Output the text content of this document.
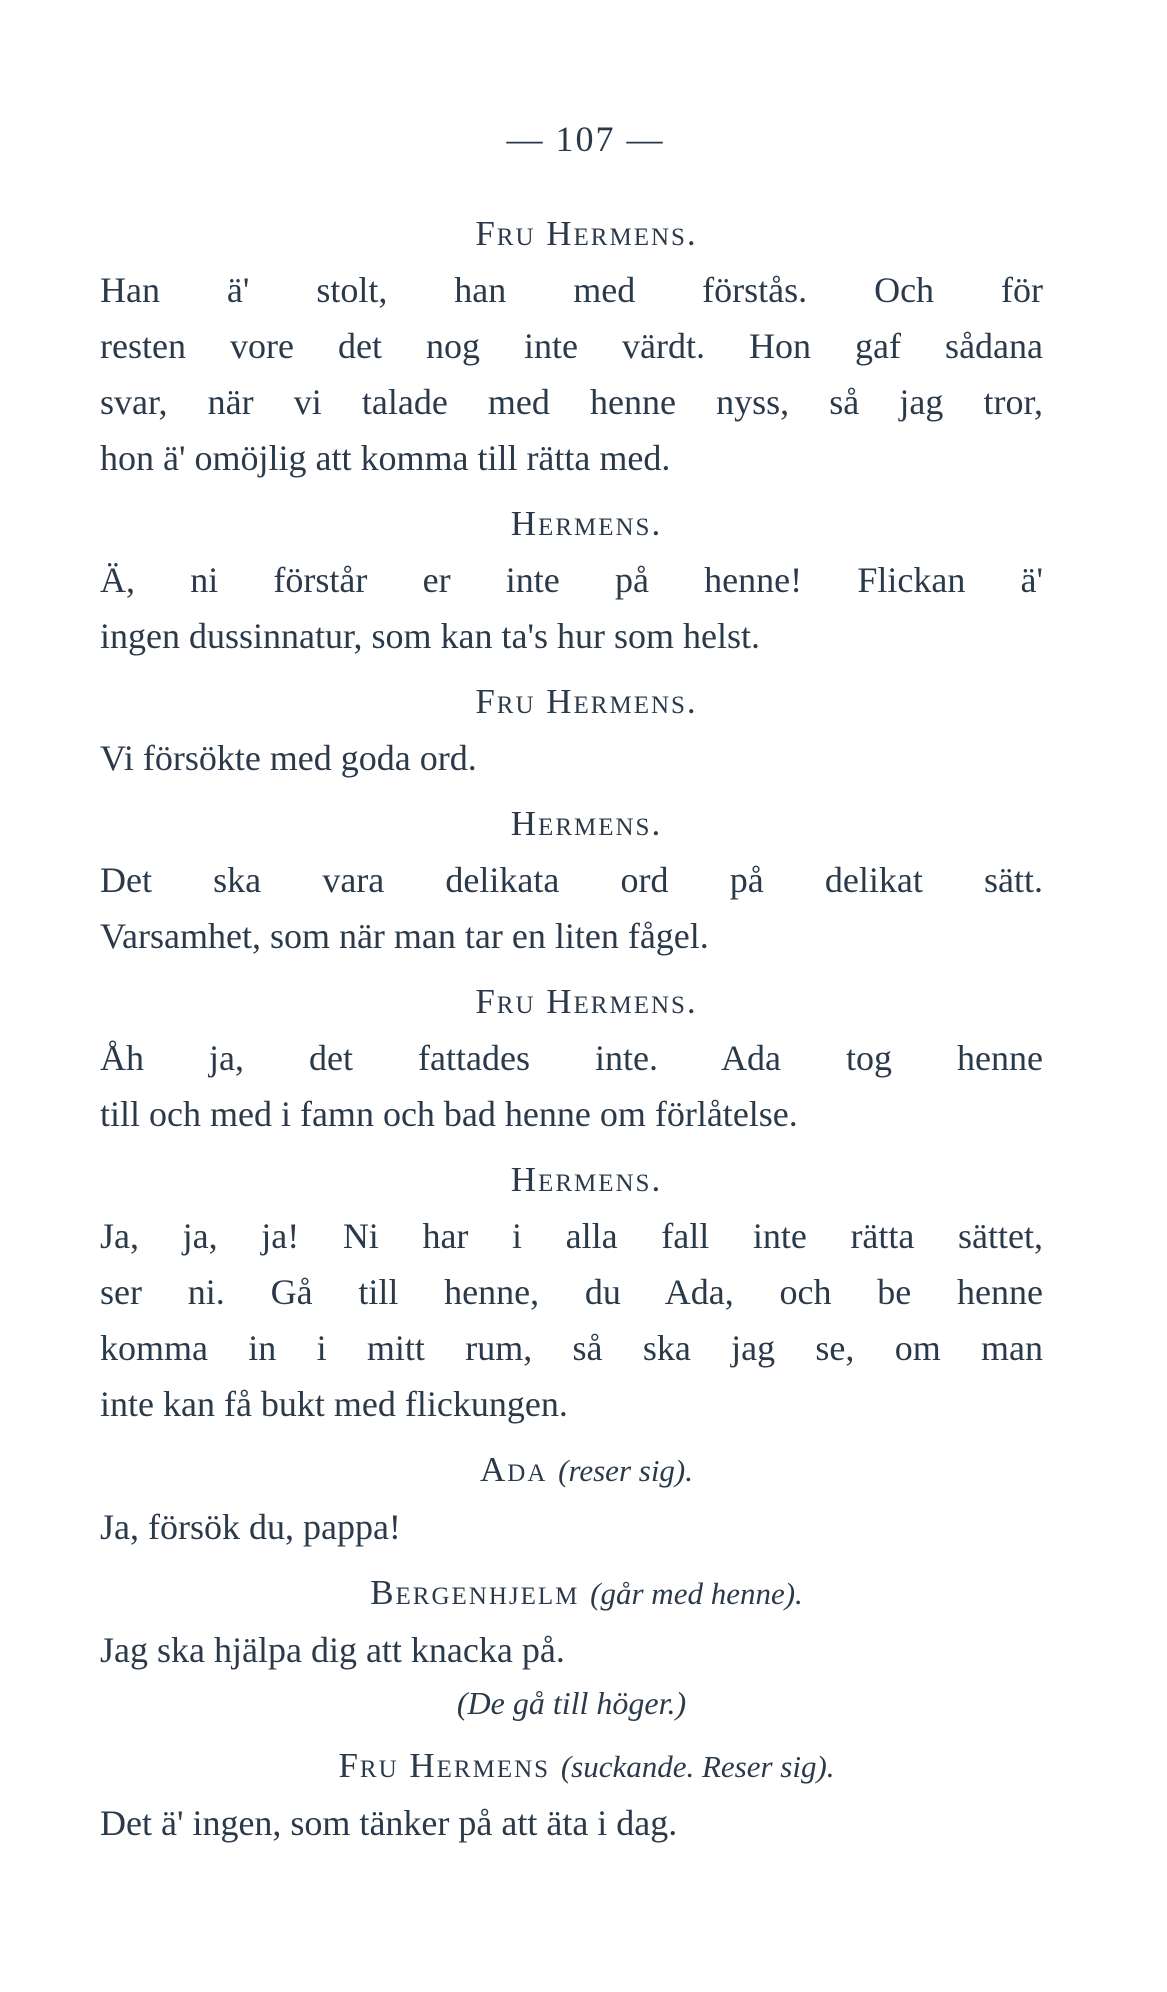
— 107 —
Fru Hermens.
Han ä' stolt, han med förstås. Och för
resten vore det nog inte värdt. Hon gaf sådana
svar, när vi talade med henne nyss, så jag tror,
hon ä' omöjlig att komma till rätta med.
Hermens.
Ä, ni förstår er inte på henne! Flickan ä'
ingen dussinnatur, som kan ta's hur som helst.
Fru Hermens.
Vi försökte med goda ord.
Hermens.
Det ska vara delikata ord på delikat sätt.
Varsamhet, som när man tar en liten fågel.
Fru Hermens.
Åh ja, det fattades inte. Ada tog henne
till och med i famn och bad henne om förlåtelse.
Hermens.
Ja, ja, ja! Ni har i alla fall inte rätta sättet,
ser ni. Gå till henne, du Ada, och be henne
komma in i mitt rum, så ska jag se, om man
inte kan få bukt med flickungen.
Ada (reser sig).
Ja, försök du, pappa!
Bergenhjelm (går med henne).
Jag ska hjälpa dig att knacka på.
(De gå till höger.)
Fru Hermens (suckande. Reser sig).
Det ä' ingen, som tänker på att äta i dag.
